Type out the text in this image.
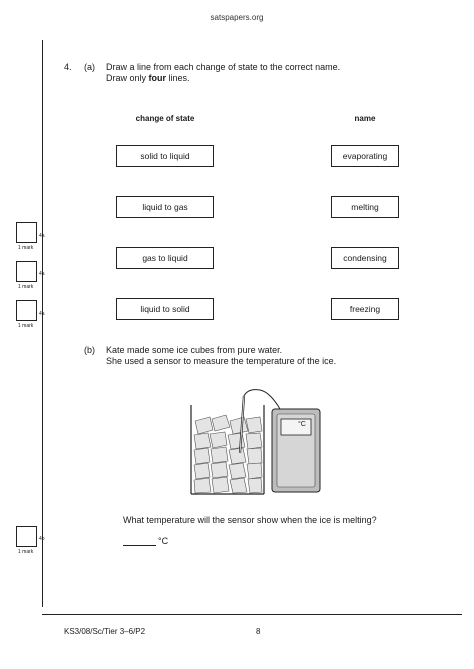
satspapers.org
4. (a) Draw a line from each change of state to the correct name.
Draw only four lines.
change of state	name
solid to liquid
liquid to gas
gas to liquid
liquid to solid
evaporating
melting
condensing
freezing
4a
1 mark
4a
1 mark
4a
1 mark
4b
1 mark
(b) Kate made some ice cubes from pure water.
She used a sensor to measure the temperature of the ice.
°C
What temperature will the sensor show when the ice is melting?
°C
KS3/08/Sc/Tier 3–6/P2	8
